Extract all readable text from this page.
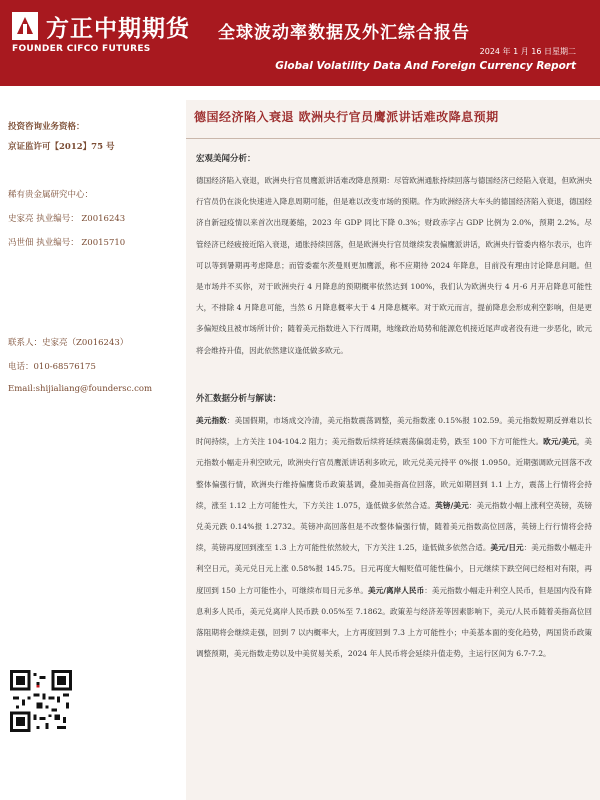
方正中期期货
FOUNDER CIFCO FUTURES
全球波动率数据及外汇综合报告
2024 年 1 月 16 日星期二
Global Volatility Data And Foreign Currency Report
投资咨询业务资格：
京证监许可【2012】75 号
稀有贵金属研究中心：
史家亮 执业编号： Z0016243
冯世佃 执业编号： Z0015710
联系人：史家亮（Z0016243）
电话：010-68576175
Email:shijialiang@foundersc.com
德国经济陷入衰退 欧洲央行官员鹰派讲话难改降息预期
宏观美闻分析：

德国经济陷入衰退，欧洲央行官员鹰派讲话难改降息预期：尽管欧洲通胀持续回落与德国经济已经陷入衰退，但欧洲央行官员仍在淡化快速进入降息周期可能，但是难以改变市场的预期。作为欧洲经济大车头的德国经济陷入衰退，德国经济自新冠疫情以来首次出现萎缩，2023 年 GDP 同比下降 0.3%；财政赤字占 GDP 比例为 2.0%，预期 2.2%。尽管经济已经疲接近陷入衰退，通胀持续回落，但是欧洲央行官员继续发表偏鹰派讲话，欧洲央行管委内格尔表示，也许可以等到暑期再考虑降息；而管委霍尔茨曼则更加鹰派，称不应期待 2024 年降息，目前没有理由讨论降息问题。但是市场并不买你，对于欧洲央行 4 月降息的预期概率依然达到 100%，我们认为欧洲央行 4 月-6 月开启降息可能性大，不排除 4 月降息可能，当然 6 月降息概率大于 4 月降息概率。对于欧元而言，提前降息会形成利空影响，但是更多偏短线且被市场所计价；随着美元指数进入下行周期，地缘政治局势和能源危机接近尾声或者没有进一步恶化，欧元将会维持升值，因此依然建议逢低做多欧元。

外汇数据分析与解读：

美元指数：美国假期，市场成交冷清，美元指数震荡调整，美元指数涨 0.15%报 102.59。美元指数短期反弹难以长时间持续，上方关注 104-104.2 阻力；美元指数后续将延续震荡偏弱走势，跌至 100 下方可能性大。欧元/美元，美元指数小幅走升利空欧元，欧洲央行官员鹰派讲话利多欧元，欧元兑美元持平 0%报 1.0950。近期强调欧元回落不改整体偏强行情，欧洲央行维持偏鹰货币政策基调，叠加美指高位回落，欧元如期回到 1.1 上方，震荡上行情将会持续，涨至 1.12 上方可能性大，下方关注 1.075，逢低做多依然合适。英镑/美元：美元指数小幅上涨利空英镑，英镑兑美元跌 0.14%报 1.2732。英镑冲高回落但是不改整体偏强行情，随着美元指数高位回落，英镑上行行情将会持续，英镑再度回到涨至 1.3 上方可能性依然较大，下方关注 1.25，逢低做多依然合适。美元/日元：美元指数小幅走升利空日元，美元兑日元上涨 0.58%报 145.75。日元再度大幅贬值可能性偏小，日元继续下跌空间已经相对有限，再度回到 150 上方可能性小，可继续布局日元多单。美元/离岸人民币：美元指数小幅走升利空人民币，但是国内没有降息利多人民币，美元兑离岸人民币跌 0.05%至 7.1862。政策差与经济差等因素影响下，美元/人民币随着美指高位回落阻期将会继续走强，回到 7 以内概率大，上方再度回到 7.3 上方可能性小；中美基本面的变化趋势，两国货币政策调整预期，美元指数走势以及中美贸易关系，2024 年人民币将会延续升值走势，主运行区间为 6.7-7.2。
